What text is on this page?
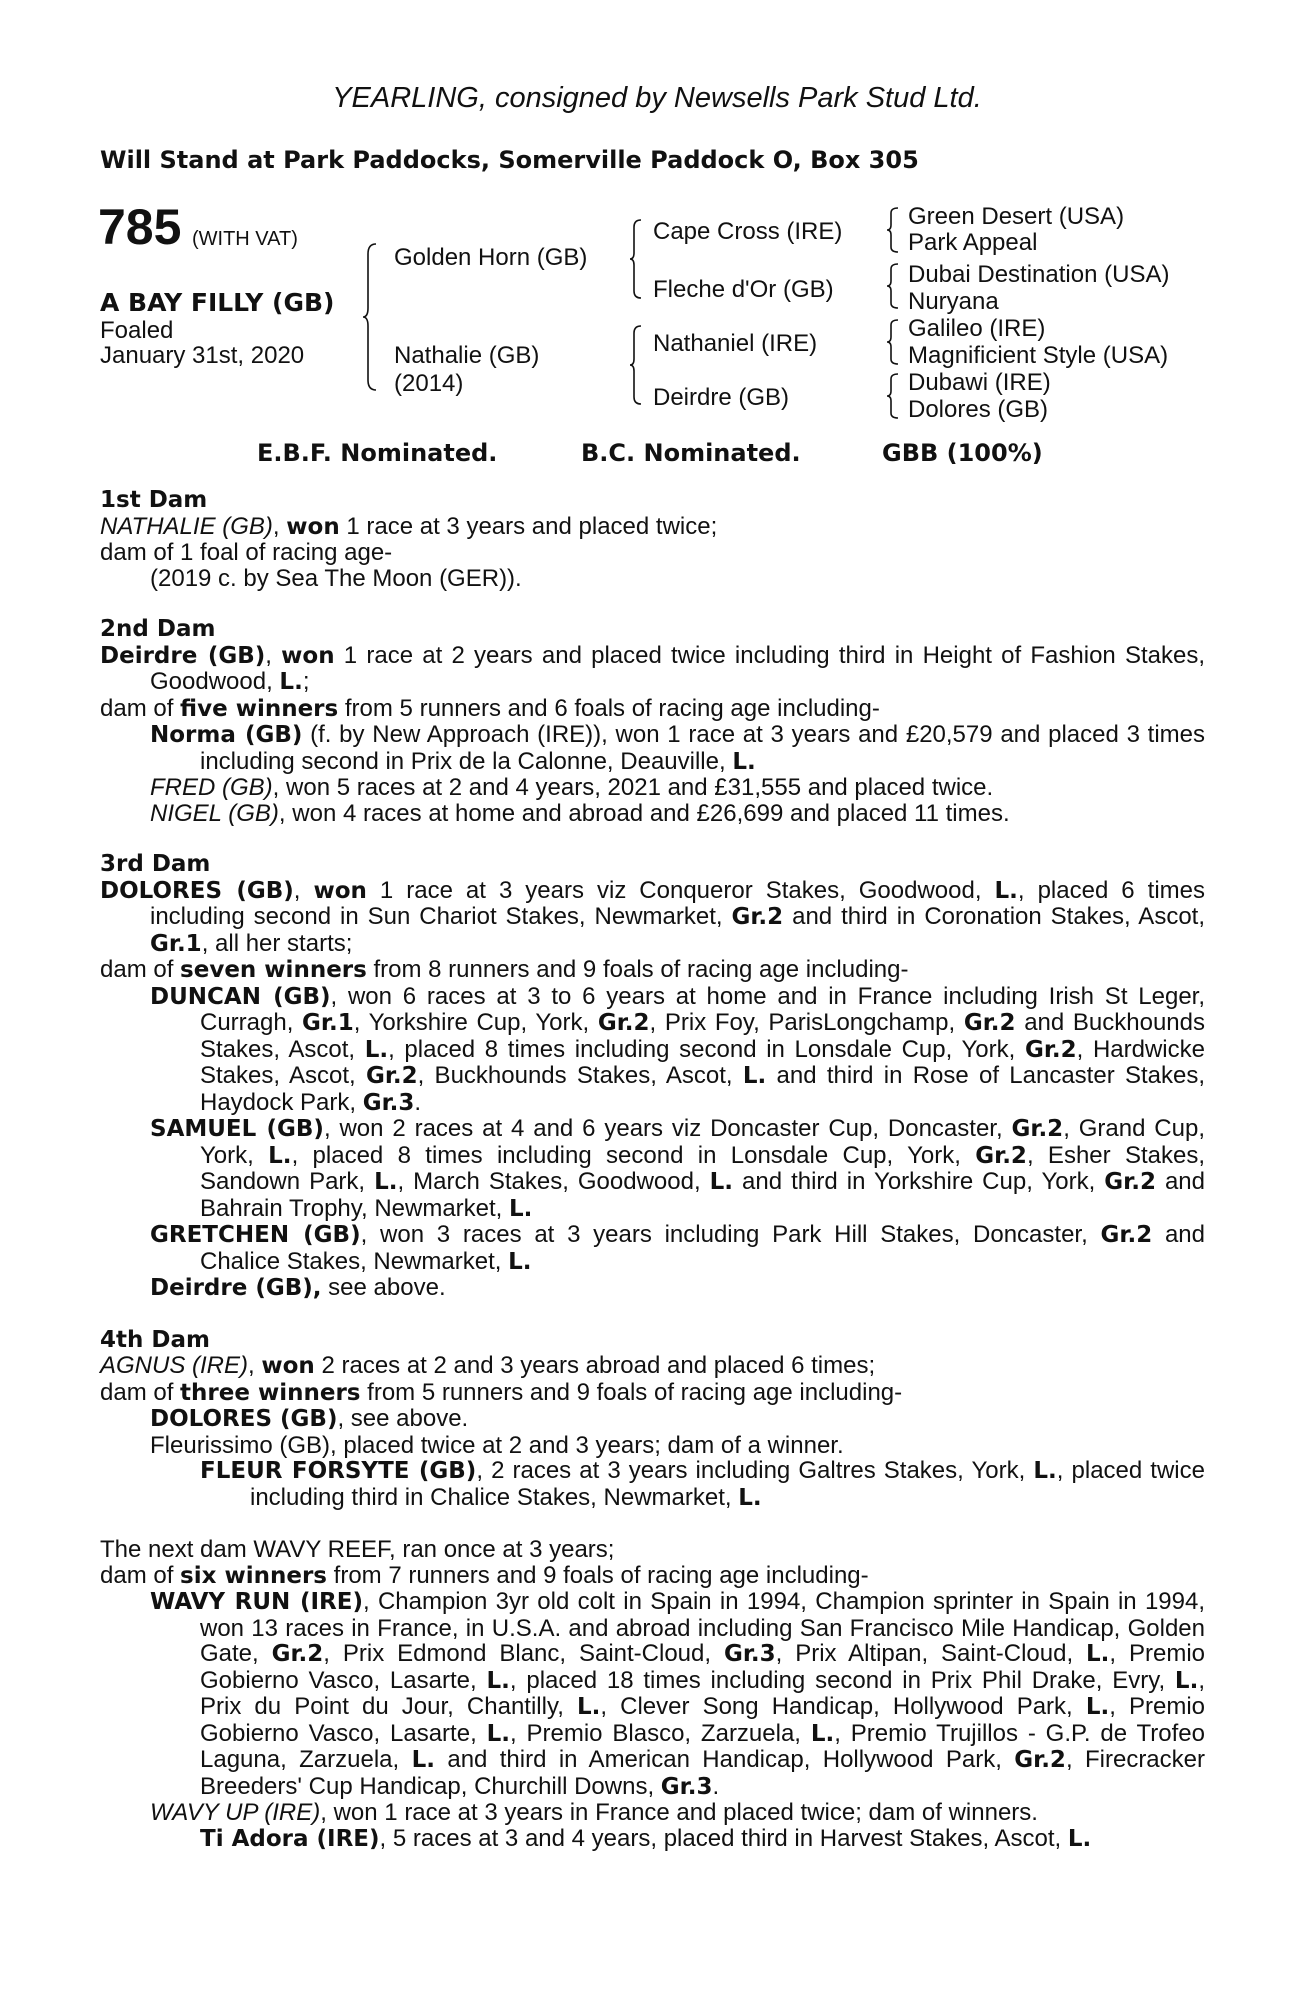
YEARLING, consigned by Newsells Park Stud Ltd.
Will Stand at Park Paddocks, Somerville Paddock O, Box 305
785 (WITH VAT)
A BAY FILLY (GB)
Foaled
January 31st, 2020
Golden Horn (GB)
Nathalie (GB)
(2014)
Cape Cross (IRE)
Fleche d'Or (GB)
Nathaniel (IRE)
Deirdre (GB)
Green Desert (USA)
Park Appeal
Dubai Destination (USA)
Nuryana
Galileo (IRE)
Magnificient Style (USA)
Dubawi (IRE)
Dolores (GB)
E.B.F. Nominated.	B.C. Nominated.	GBB (100%)
1st Dam
NATHALIE (GB), won 1 race at 3 years and placed twice;
dam of 1 foal of racing age-
(2019 c. by Sea The Moon (GER)).
2nd Dam
Deirdre (GB), won 1 race at 2 years and placed twice including third in Height of Fashion Stakes, Goodwood, L.;
dam of five winners from 5 runners and 6 foals of racing age including-
Norma (GB) (f. by New Approach (IRE)), won 1 race at 3 years and £20,579 and placed 3 times including second in Prix de la Calonne, Deauville, L.
FRED (GB), won 5 races at 2 and 4 years, 2021 and £31,555 and placed twice.
NIGEL (GB), won 4 races at home and abroad and £26,699 and placed 11 times.
3rd Dam
DOLORES (GB), won 1 race at 3 years viz Conqueror Stakes, Goodwood, L., placed 6 times including second in Sun Chariot Stakes, Newmarket, Gr.2 and third in Coronation Stakes, Ascot, Gr.1, all her starts;
dam of seven winners from 8 runners and 9 foals of racing age including-
DUNCAN (GB), won 6 races at 3 to 6 years at home and in France including Irish St Leger, Curragh, Gr.1, Yorkshire Cup, York, Gr.2, Prix Foy, ParisLongchamp, Gr.2 and Buckhounds Stakes, Ascot, L., placed 8 times including second in Lonsdale Cup, York, Gr.2, Hardwicke Stakes, Ascot, Gr.2, Buckhounds Stakes, Ascot, L. and third in Rose of Lancaster Stakes, Haydock Park, Gr.3.
SAMUEL (GB), won 2 races at 4 and 6 years viz Doncaster Cup, Doncaster, Gr.2, Grand Cup, York, L., placed 8 times including second in Lonsdale Cup, York, Gr.2, Esher Stakes, Sandown Park, L., March Stakes, Goodwood, L. and third in Yorkshire Cup, York, Gr.2 and Bahrain Trophy, Newmarket, L.
GRETCHEN (GB), won 3 races at 3 years including Park Hill Stakes, Doncaster, Gr.2 and Chalice Stakes, Newmarket, L.
Deirdre (GB), see above.
4th Dam
AGNUS (IRE), won 2 races at 2 and 3 years abroad and placed 6 times;
dam of three winners from 5 runners and 9 foals of racing age including-
DOLORES (GB), see above.
Fleurissimo (GB), placed twice at 2 and 3 years; dam of a winner.
FLEUR FORSYTE (GB), 2 races at 3 years including Galtres Stakes, York, L., placed twice including third in Chalice Stakes, Newmarket, L.
The next dam WAVY REEF, ran once at 3 years;
dam of six winners from 7 runners and 9 foals of racing age including-
WAVY RUN (IRE), Champion 3yr old colt in Spain in 1994, Champion sprinter in Spain in 1994, won 13 races in France, in U.S.A. and abroad including San Francisco Mile Handicap, Golden Gate, Gr.2, Prix Edmond Blanc, Saint-Cloud, Gr.3, Prix Altipan, Saint-Cloud, L., Premio Gobierno Vasco, Lasarte, L., placed 18 times including second in Prix Phil Drake, Evry, L., Prix du Point du Jour, Chantilly, L., Clever Song Handicap, Hollywood Park, L., Premio Gobierno Vasco, Lasarte, L., Premio Blasco, Zarzuela, L., Premio Trujillos - G.P. de Trofeo Laguna, Zarzuela, L. and third in American Handicap, Hollywood Park, Gr.2, Firecracker Breeders' Cup Handicap, Churchill Downs, Gr.3.
WAVY UP (IRE), won 1 race at 3 years in France and placed twice; dam of winners.
Ti Adora (IRE), 5 races at 3 and 4 years, placed third in Harvest Stakes, Ascot, L.
